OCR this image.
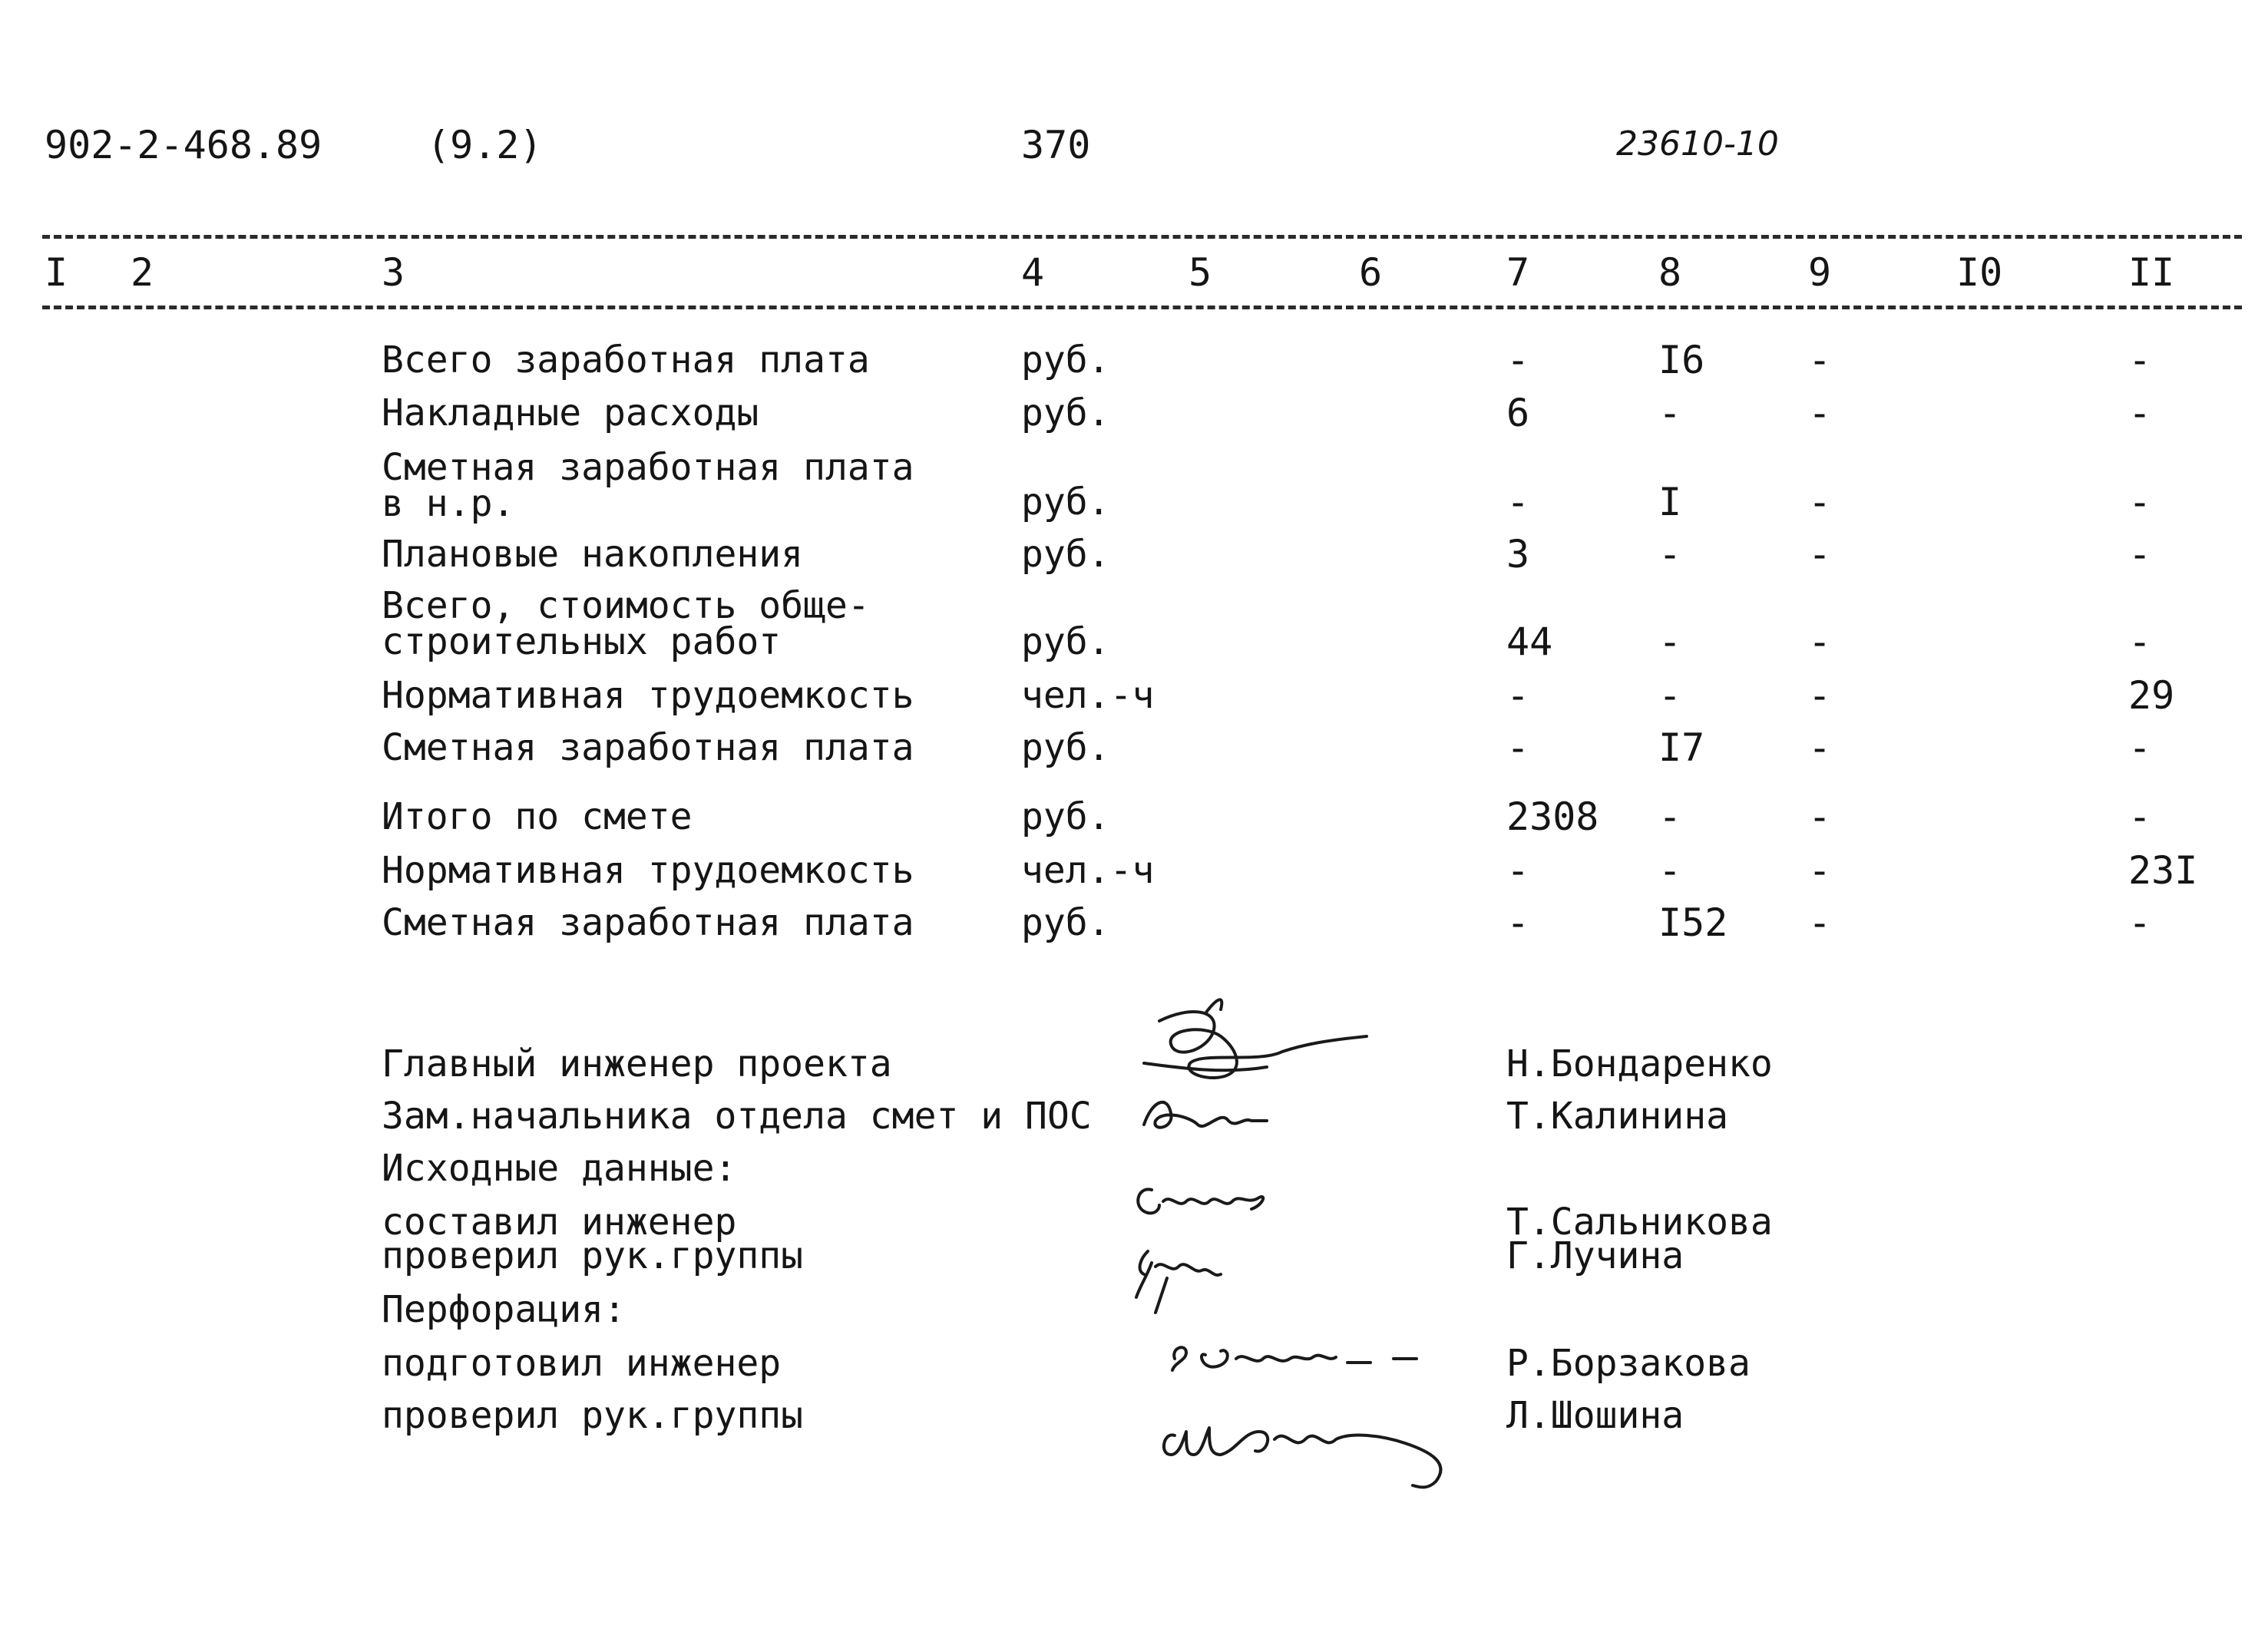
902-2-468.89	(9.2)	370	23610-10
I 2	3	4	5	6	7	8	9	I0	II
Всего заработная плата	руб.	-	I6	-	-
Накладные расходы	руб.	6	-	-	-
Сметная заработная плата
в н.р.	руб.	-	I	-	-
Плановые накопления	руб.	3	-	-	-
Всего, стоимость обще-
строительных работ	руб.	44	-	-	-
Нормативная трудоемкость	чел.-ч	-	-	-	29
Сметная заработная плата	руб.	-	I7	-	-
Итого по смете	руб.	2308 -	-	-
Нормативная трудоемкость	чел.-ч	-	-	-	23I
Сметная заработная плата	руб.	-	I52 -	-
Главный инженер проекта	Н.Бондаренко
Зам.начальника отдела смет и ПОС	Т.Калинина
Исходные данные:
составил инженер	Т.Сальникова
проверил рук.группы	Г.Лучина
Перфорация:
подготовил инженер	Р.Борзакова
проверил рук.группы	Л.Шошина
